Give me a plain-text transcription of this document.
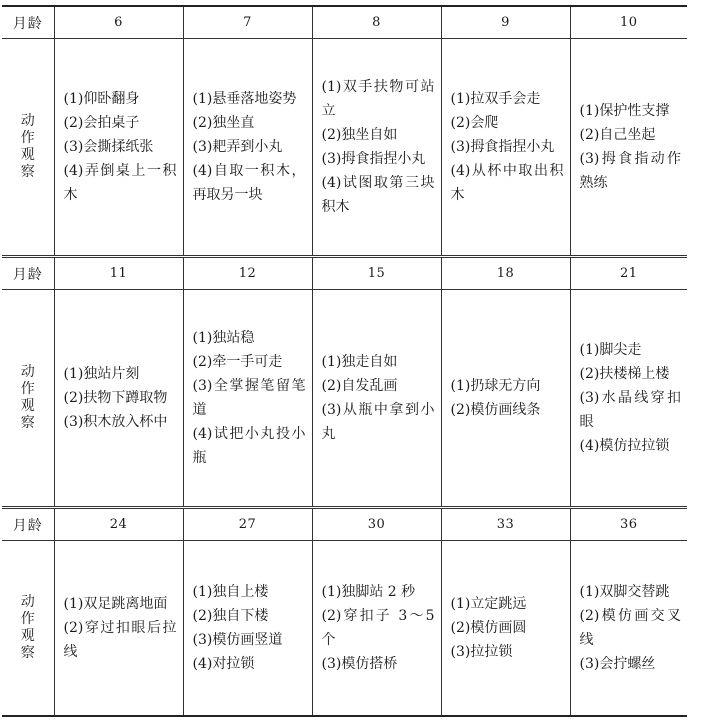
月龄	6	7	8	9	10

动
作
观
察	(1)仰卧翻身
(2)会拍桌子
(3)会撕揉纸张
(4)弄倒桌上一积木	(1)悬垂落地姿势
(2)独坐直
(3)耙弄到小丸
(4)自取一积木，再取另一块	(1)双手扶物可站立
(2)独坐自如
(3)拇食指捏小丸
(4)试图取第三块积木	(1)拉双手会走
(2)会爬
(3)拇食指捏小丸
(4)从杯中取出积木	(1)保护性支撑
(2)自己坐起
(3)拇食指动作熟练

月龄	11	12	15	18	21

动
作
观
察	(1)独站片刻
(2)扶物下蹲取物
(3)积木放入杯中	(1)独站稳
(2)牵一手可走
(3)全掌握笔留笔道
(4)试把小丸投小瓶	(1)独走自如
(2)自发乱画
(3)从瓶中拿到小丸	(1)扔球无方向
(2)模仿画线条	(1)脚尖走
(2)扶楼梯上楼
(3)水晶线穿扣眼
(4)模仿拉拉锁

月龄	24	27	30	33	36

动
作
观
察	(1)双足跳离地面
(2)穿过扣眼后拉线	(1)独自上楼
(2)独自下楼
(3)模仿画竖道
(4)对拉锁	(1)独脚站 2 秒
(2)穿扣子 3～5 个
(3)模仿搭桥	(1)立定跳远
(2)模仿画圆
(3)拉拉锁	(1)双脚交替跳
(2)模仿画交叉线
(3)会拧螺丝
